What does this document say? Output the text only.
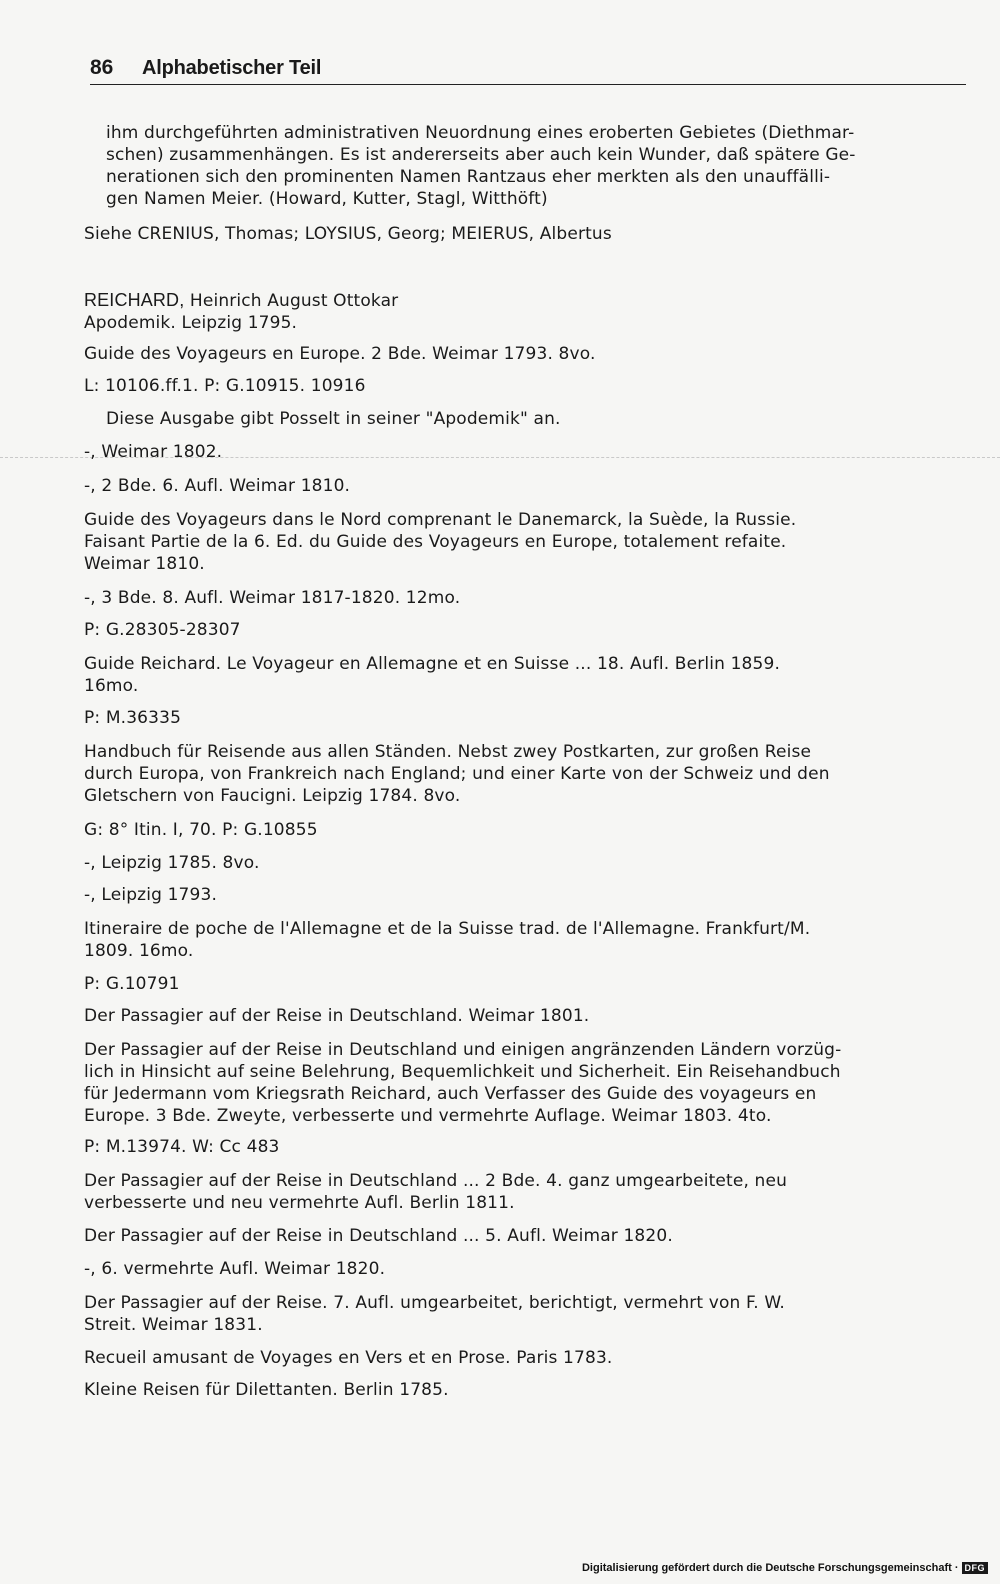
86 Alphabetischer Teil
ihm durchgeführten administrativen Neuordnung eines eroberten Gebietes (Diethmar-
schen) zusammenhängen. Es ist andererseits aber auch kein Wunder, daß spätere Ge-
nerationen sich den prominenten Namen Rantzaus eher merkten als den unauffälli-
gen Namen Meier. (Howard, Kutter, Stagl, Witthöft)
Siehe CRENIUS, Thomas; LOYSIUS, Georg; MEIERUS, Albertus
REICHARD, Heinrich August Ottokar
Apodemik. Leipzig 1795.
Guide des Voyageurs en Europe. 2 Bde. Weimar 1793. 8vo.
L: 10106.ff.1. P: G.10915. 10916
Diese Ausgabe gibt Posselt in seiner "Apodemik" an.
-, Weimar 1802.
-, 2 Bde. 6. Aufl. Weimar 1810.
Guide des Voyageurs dans le Nord comprenant le Danemarck, la Suède, la Russie.
Faisant Partie de la 6. Ed. du Guide des Voyageurs en Europe, totalement refaite.
Weimar 1810.
-, 3 Bde. 8. Aufl. Weimar 1817-1820. 12mo.
P: G.28305-28307
Guide Reichard. Le Voyageur en Allemagne et en Suisse ... 18. Aufl. Berlin 1859.
16mo.
P: M.36335
Handbuch für Reisende aus allen Ständen. Nebst zwey Postkarten, zur großen Reise
durch Europa, von Frankreich nach England; und einer Karte von der Schweiz und den
Gletschern von Faucigni. Leipzig 1784. 8vo.
G: 8° Itin. I, 70. P: G.10855
-, Leipzig 1785. 8vo.
-, Leipzig 1793.
Itineraire de poche de l'Allemagne et de la Suisse trad. de l'Allemagne. Frankfurt/M.
1809. 16mo.
P: G.10791
Der Passagier auf der Reise in Deutschland. Weimar 1801.
Der Passagier auf der Reise in Deutschland und einigen angränzenden Ländern vorzüg-
lich in Hinsicht auf seine Belehrung, Bequemlichkeit und Sicherheit. Ein Reisehandbuch
für Jedermann vom Kriegsrath Reichard, auch Verfasser des Guide des voyageurs en
Europe. 3 Bde. Zweyte, verbesserte und vermehrte Auflage. Weimar 1803. 4to.
P: M.13974. W: Cc 483
Der Passagier auf der Reise in Deutschland ... 2 Bde. 4. ganz umgearbeitete, neu
verbesserte und neu vermehrte Aufl. Berlin 1811.
Der Passagier auf der Reise in Deutschland ... 5. Aufl. Weimar 1820.
-, 6. vermehrte Aufl. Weimar 1820.
Der Passagier auf der Reise. 7. Aufl. umgearbeitet, berichtigt, vermehrt von F. W.
Streit. Weimar 1831.
Recueil amusant de Voyages en Vers et en Prose. Paris 1783.
Kleine Reisen für Dilettanten. Berlin 1785.
Digitalisierung gefördert durch die Deutsche Forschungsgemeinschaft · DFG
